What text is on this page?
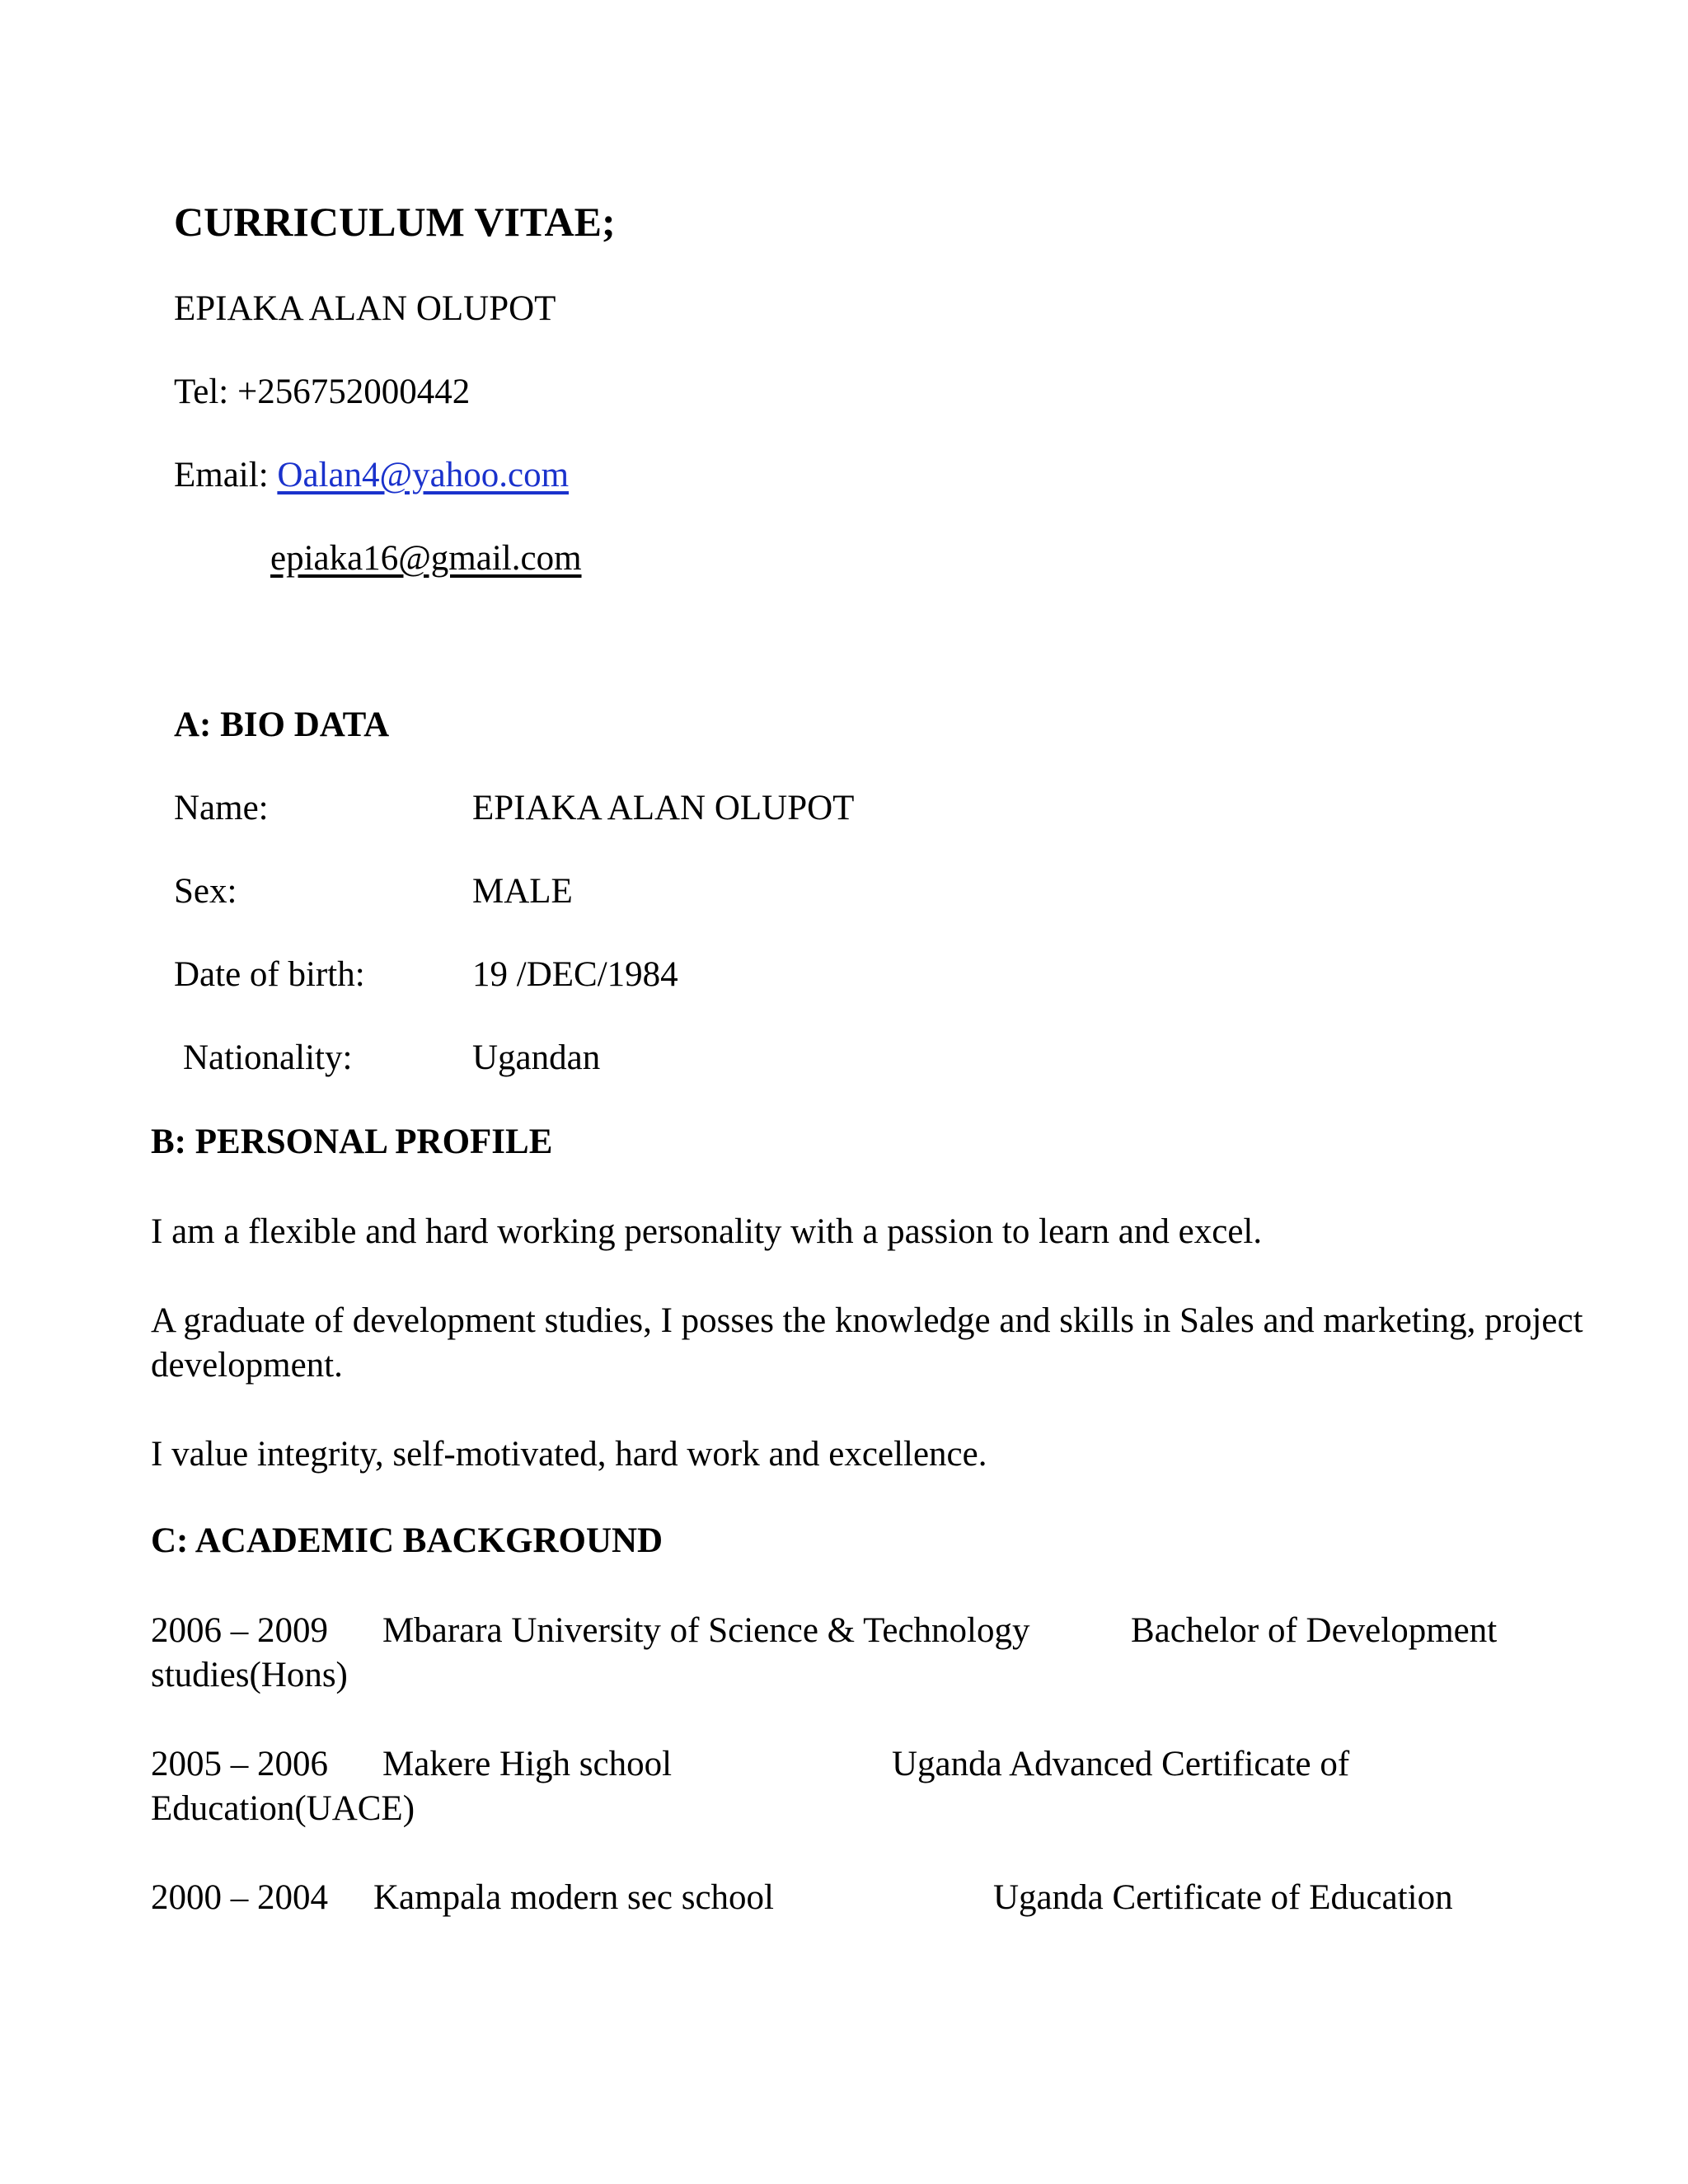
CURRICULUM VITAE;
EPIAKA ALAN OLUPOT
Tel: +256752000442
Email: Oalan4@yahoo.com
epiaka16@gmail.com
A: BIO DATA
Name:	EPIAKA ALAN OLUPOT
Sex:	MALE
Date of birth:	19 /DEC/1984
Nationality:	Ugandan
B: PERSONAL PROFILE
I am a flexible and hard working personality with a passion to learn and excel.
A graduate of development studies, I posses the knowledge and skills in Sales and marketing, project development.
I value integrity, self-motivated, hard work and excellence.
C: ACADEMIC BACKGROUND
2006 – 2009 Mbarara University of Science & Technology	Bachelor of Development
studies(Hons)
2005 – 2006 Makere High school	Uganda Advanced Certificate of
Education(UACE)
2000 – 2004 Kampala modern sec school	Uganda Certificate of Education
